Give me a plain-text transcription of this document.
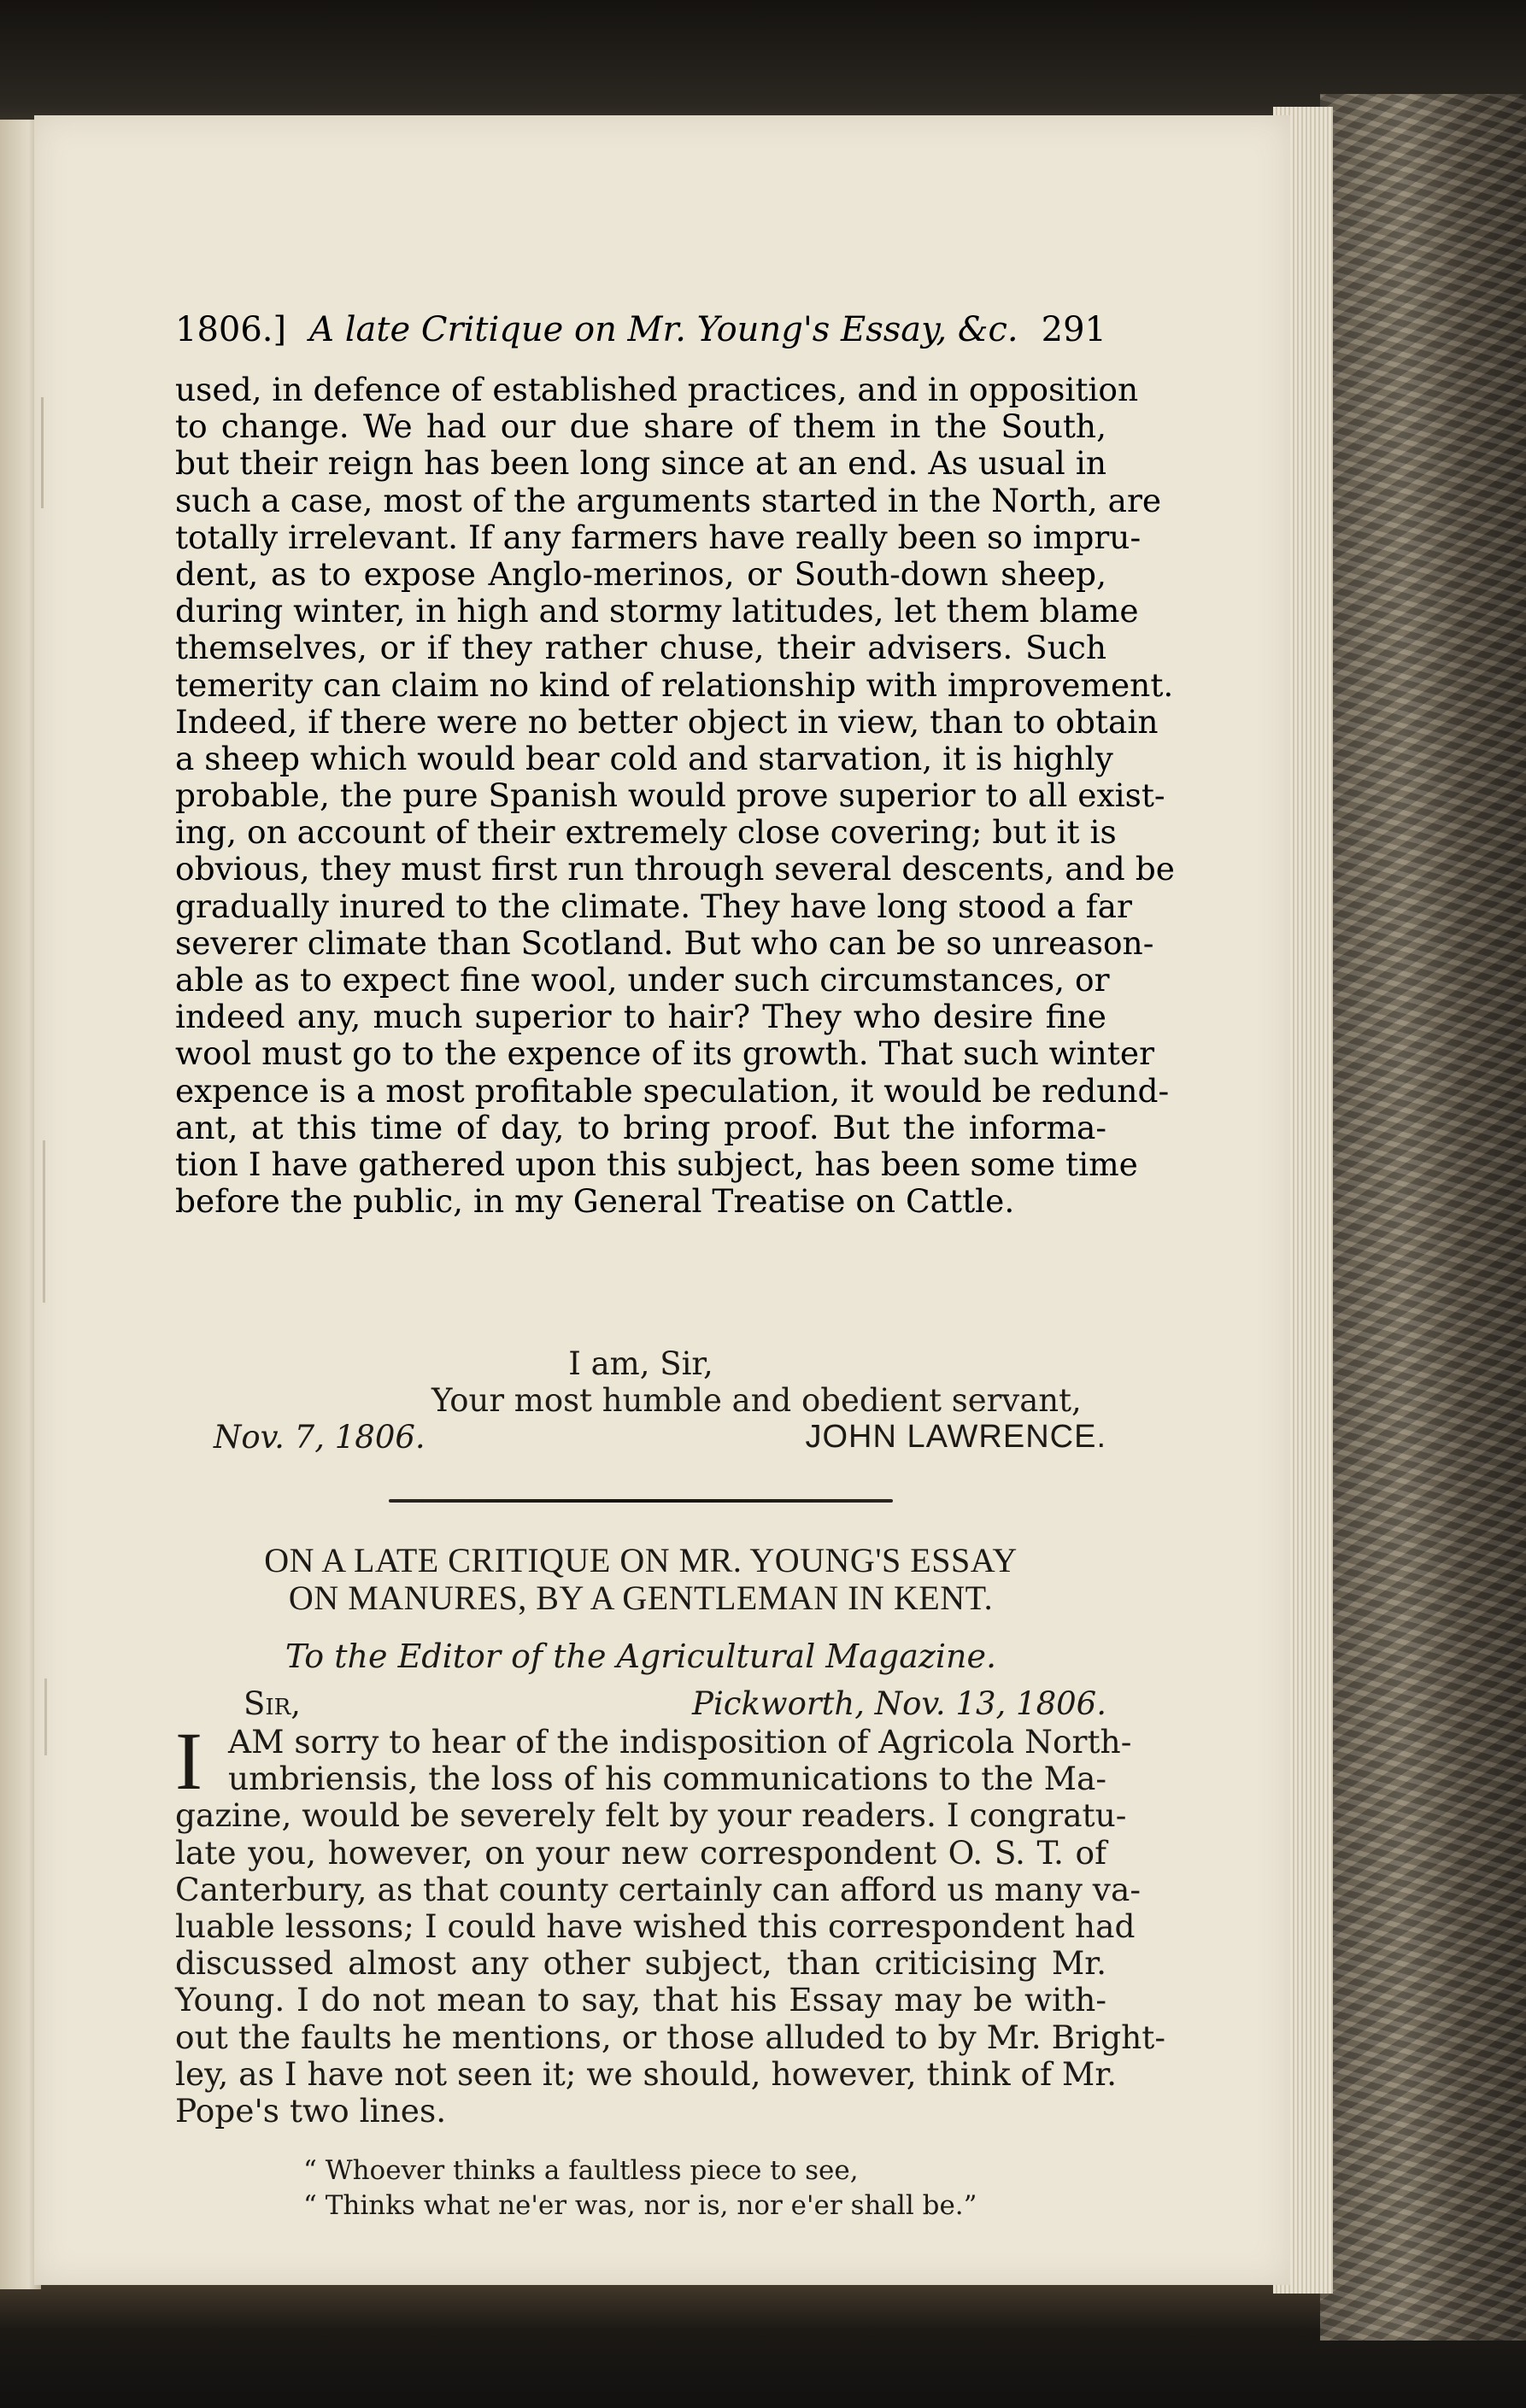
1806.] A late Critique on Mr. Young's Essay, &c. 291
used, in defence of established practices, and in opposition
to change. We had our due share of them in the South,
but their reign has been long since at an end. As usual in
such a case, most of the arguments started in the North, are
totally irrelevant. If any farmers have really been so impru-
dent, as to expose Anglo-merinos, or South-down sheep,
during winter, in high and stormy latitudes, let them blame
themselves, or if they rather chuse, their advisers. Such
temerity can claim no kind of relationship with improvement.
Indeed, if there were no better object in view, than to obtain
a sheep which would bear cold and starvation, it is highly
probable, the pure Spanish would prove superior to all exist-
ing, on account of their extremely close covering; but it is
obvious, they must first run through several descents, and be
gradually inured to the climate. They have long stood a far
severer climate than Scotland. But who can be so unreason-
able as to expect fine wool, under such circumstances, or
indeed any, much superior to hair? They who desire fine
wool must go to the expence of its growth. That such winter
expence is a most profitable speculation, it would be redund-
ant, at this time of day, to bring proof. But the informa-
tion I have gathered upon this subject, has been some time
before the public, in my General Treatise on Cattle.
I am, Sir,
Your most humble and obedient servant,
Nov. 7, 1806.	JOHN LAWRENCE.
ON A LATE CRITIQUE ON MR. YOUNG'S ESSAY
ON MANURES, BY A GENTLEMAN IN KENT.
To the Editor of the Agricultural Magazine.
Sir,	Pickworth, Nov. 13, 1806.
I AM sorry to hear of the indisposition of Agricola North-
umbriensis, the loss of his communications to the Ma-
gazine, would be severely felt by your readers. I congratu-
late you, however, on your new correspondent O. S. T. of
Canterbury, as that county certainly can afford us many va-
luable lessons; I could have wished this correspondent had
discussed almost any other subject, than criticising Mr.
Young. I do not mean to say, that his Essay may be with-
out the faults he mentions, or those alluded to by Mr. Bright-
ley, as I have not seen it; we should, however, think of Mr.
Pope's two lines.
“ Whoever thinks a faultless piece to see,
“ Thinks what ne'er was, nor is, nor e'er shall be.”
